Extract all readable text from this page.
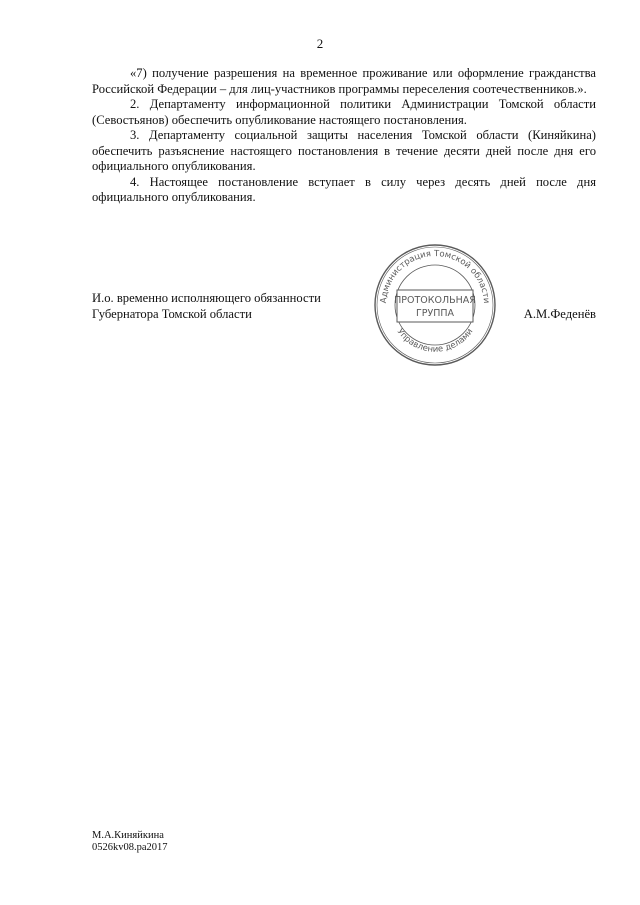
2

«7) получение разрешения на временное проживание или оформление гражданства Российской Федерации – для лиц-участников программы переселения соотечественников.».

2. Департаменту информационной политики Администрации Томской области (Севостьянов) обеспечить опубликование настоящего постановления.

3. Департаменту социальной защиты населения Томской области (Киняйкина) обеспечить разъяснение настоящего постановления в течение десяти дней после дня его официального опубликования.

4. Настоящее постановление вступает в силу через десять дней после дня официального опубликования.

Администрация Томской области
Управление делами
ПРОТОКОЛЬНАЯ
ГРУППА
И.о. временно исполняющего обязанности
Губернатора Томской области	А.М.Феденёв
М.А.Киняйкина
0526kv08.pa2017
